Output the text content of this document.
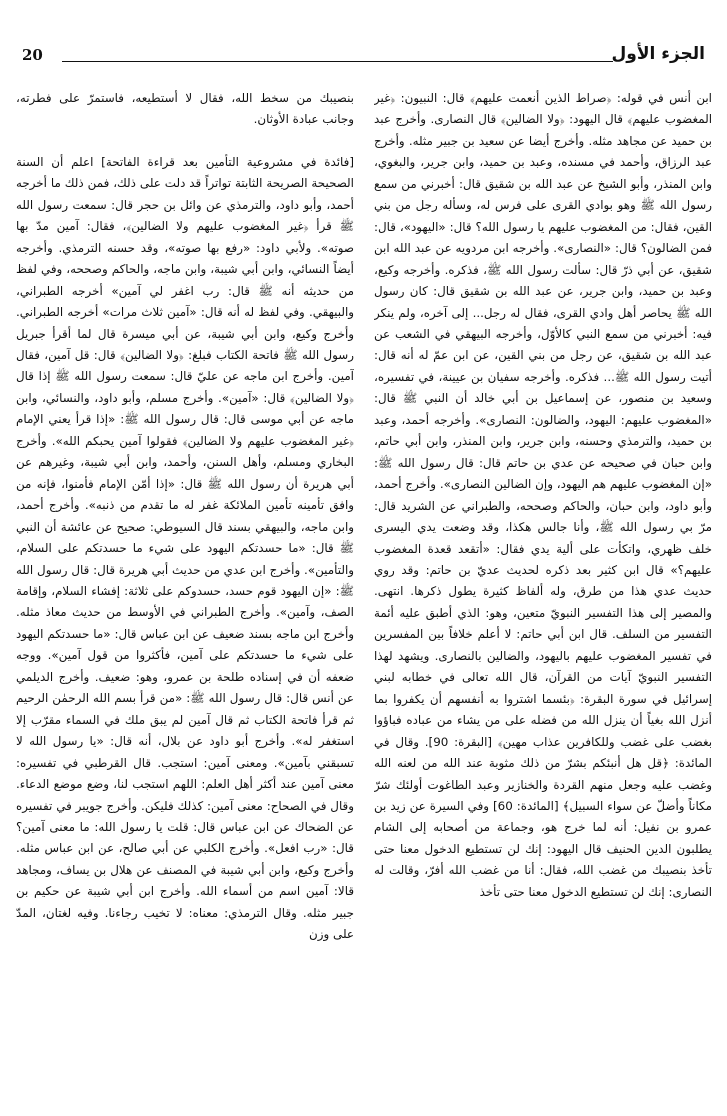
20	الجزء الأول

ابن أنس في قوله: ﴿صراط الذين أنعمت عليهم﴾ قال: النبيون: ﴿غير المغضوب عليهم﴾ قال اليهود: ﴿ولا الضالين﴾ قال النصارى. وأخرج عبد بن حميد عن مجاهد مثله. وأخرج أيضا عن سعيد بن جبير مثله. وأخرج عبد الرزاق، وأحمد في مسنده، وعبد بن حميد، وابن جرير، والبغوي، وابن المنذر، وأبو الشيخ عن عبد الله بن شقيق قال: أخبرني من سمع رسول الله ﷺ وهو بوادي القرى على فرس له، وسأله رجل من بني القين، فقال: من المغضوب عليهم يا رسول الله؟ قال: «اليهود»، قال: فمن الضالون؟ قال: «النصارى». وأخرجه ابن مردويه عن عبد الله ابن شقيق، عن أبي ذرّ قال: سألت رسول الله ﷺ، فذكره. وأخرجه وكيع، وعبد بن حميد، وابن جرير، عن عبد الله بن شقيق قال: كان رسول الله ﷺ يحاصر أهل وادي القرى، فقال له رجل... إلى آخره، ولم ينكر فيه: أخبرني من سمع النبي كالأوّل، وأخرجه البيهقي في الشعب عن عبد الله بن شقيق، عن رجل من بني القين، عن ابن عمّ له أنه قال: أتيت رسول الله ﷺ... فذكره. وأخرجه سفيان بن عيينة، في تفسيره، وسعيد بن منصور، عن إسماعيل بن أبي خالد أن النبي ﷺ قال: «المغضوب عليهم: اليهود، والضالون: النصارى». وأخرجه أحمد، وعبد بن حميد، والترمذي وحسنه، وابن جرير، وابن المنذر، وابن أبي حاتم، وابن حبان في صحيحه عن عدي بن حاتم قال: قال رسول الله ﷺ: «إن المغضوب عليهم هم اليهود، وإن الضالين النصارى». وأخرج أحمد، وأبو داود، وابن حبان، والحاكم وصححه، والطبراني عن الشريد قال: مرّ بي رسول الله ﷺ، وأنا جالس هكذا، وقد وضعت يدي اليسرى خلف ظهري، واتكأت على ألية يدي فقال: «أتقعد قعدة المغضوب عليهم؟» قال ابن كثير بعد ذكره لحديث عديّ بن حاتم: وقد روي حديث عدي هذا من طرق، وله ألفاظ كثيرة يطول ذكرها. انتهى. والمصير إلى هذا التفسير النبويّ متعين، وهو: الذي أطبق عليه أئمة التفسير من السلف. قال ابن أبي حاتم: لا أعلم خلافاً بين المفسرين في تفسير المغضوب عليهم باليهود، والضالين بالنصارى. ويشهد لهذا التفسير النبويّ آيات من القرآن، قال الله تعالى في خطابه لبني إسرائيل في سورة البقرة: ﴿بئسما اشتروا به أنفسهم أن يكفروا بما أنزل الله بغياً أن ينزل الله من فضله على من يشاء من عباده فباؤوا بغضب على غضب وللكافرين عذاب مهين﴾ [البقرة: 90]. وقال في المائدة: ﴿قل هل أنبئكم بشرّ من ذلك مثوبة عند الله من لعنه الله وغضب عليه وجعل منهم القردة والخنازير وعبد الطاغوت أولئك شرّ مكاناً وأضلّ عن سواء السبيل﴾ [المائدة: 60] وفي السيرة عن زيد بن عمرو بن نفيل: أنه لما خرج هو، وجماعة من أصحابه إلى الشام يطلبون الدين الحنيف قال اليهود: إنك لن تستطيع الدخول معنا حتى تأخذ بنصيبك من غضب الله، فقال: أنا من غضب الله أفرّ، وقالت له النصارى: إنك لن تستطيع الدخول معنا حتى تأخذ

بنصيبك من سخط الله، فقال لا أستطيعه، فاستمرّ على فطرته، وجانب عبادة الأوثان.

[فائدة في مشروعية التأمين بعد قراءة الفاتحة] اعلم أن السنة الصحيحة الصريحة الثابتة تواتراً قد دلت على ذلك، فمن ذلك ما أخرجه أحمد، وأبو داود، والترمذي عن وائل بن حجر قال: سمعت رسول الله ﷺ قرأ ﴿غير المغضوب عليهم ولا الضالين﴾، فقال: آمين مدّ بها صوته». ولأبي داود: «رفع بها صوته»، وقد حسنه الترمذي. وأخرجه أيضاً النسائي، وابن أبي شيبة، وابن ماجه، والحاكم وصححه، وفي لفظ من حديثه أنه ﷺ قال: رب اغفر لي آمين» أخرجه الطبراني، والبيهقي. وفي لفظ له أنه قال: «آمين ثلاث مرات» أخرجه الطبراني. وأخرج وكيع، وابن أبي شيبة، عن أبي ميسرة قال لما أقرأ جبريل رسول الله ﷺ فاتحة الكتاب فبلغ: ﴿ولا الضالين﴾ قال: قل آمين، فقال آمين. وأخرج ابن ماجه عن عليّ قال: سمعت رسول الله ﷺ إذا قال ﴿ولا الضالين﴾ قال: «آمين». وأخرج مسلم، وأبو داود، والنسائي، وابن ماجه عن أبي موسى قال: قال رسول الله ﷺ: «إذا قرأ يعني الإمام ﴿غير المغضوب عليهم ولا الضالين﴾ فقولوا آمين يحبكم الله». وأخرج البخاري ومسلم، وأهل السنن، وأحمد، وابن أبي شيبة، وغيرهم عن أبي هريرة أن رسول الله ﷺ قال: «إذا أمّن الإمام فأمنوا، فإنه من وافق تأمينه تأمين الملائكة غفر له ما تقدم من ذنبه». وأخرج أحمد، وابن ماجه، والبيهقي بسند قال السيوطي: صحيح عن عائشة أن النبي ﷺ قال: «ما حسدتكم اليهود على شيء ما حسدتكم على السلام، والتأمين». وأخرج ابن عدي من حديث أبي هريرة قال: قال رسول الله ﷺ: «إن اليهود قوم حسد، حسدوكم على ثلاثة: إفشاء السلام، وإقامة الصف، وآمين». وأخرج الطبراني في الأوسط من حديث معاذ مثله. وأخرج ابن ماجه بسند ضعيف عن ابن عباس قال: «ما حسدتكم اليهود على شيء ما حسدتكم على آمين، فأكثروا من قول آمين». ووجه ضعفه أن في إسناده طلحة بن عمرو، وهو: ضعيف. وأخرج الديلمي عن أنس قال: قال رسول الله ﷺ: «من قرأ بسم الله الرحمٰن الرحيم ثم قرأ فاتحة الكتاب ثم قال آمين لم يبق ملك في السماء مقرّب إلا استغفر له». وأخرج أبو داود عن بلال، أنه قال: «يا رسول الله لا تسبقني بآمين». ومعنى آمين: استجب. قال القرطبي في تفسيره: معنى آمين عند أكثر أهل العلم: اللهم استجب لنا، وضع موضع الدعاء. وقال في الصحاح: معنى آمين: كذلك فليكن. وأخرج جويبر في تفسيره عن الضحاك عن ابن عباس قال: قلت يا رسول الله: ما معنى آمين؟ قال: «رب افعل». وأخرج الكلبي عن أبي صالح، عن ابن عباس مثله. وأخرج وكيع، وابن أبي شيبة في المصنف عن هلال بن يساف، ومجاهد قالا: آمين اسم من أسماء الله. وأخرج ابن أبي شيبة عن حكيم بن جبير مثله. وقال الترمذي: معناه: لا تخيب رجاءنا. وفيه لغتان، المدّ على وزن
